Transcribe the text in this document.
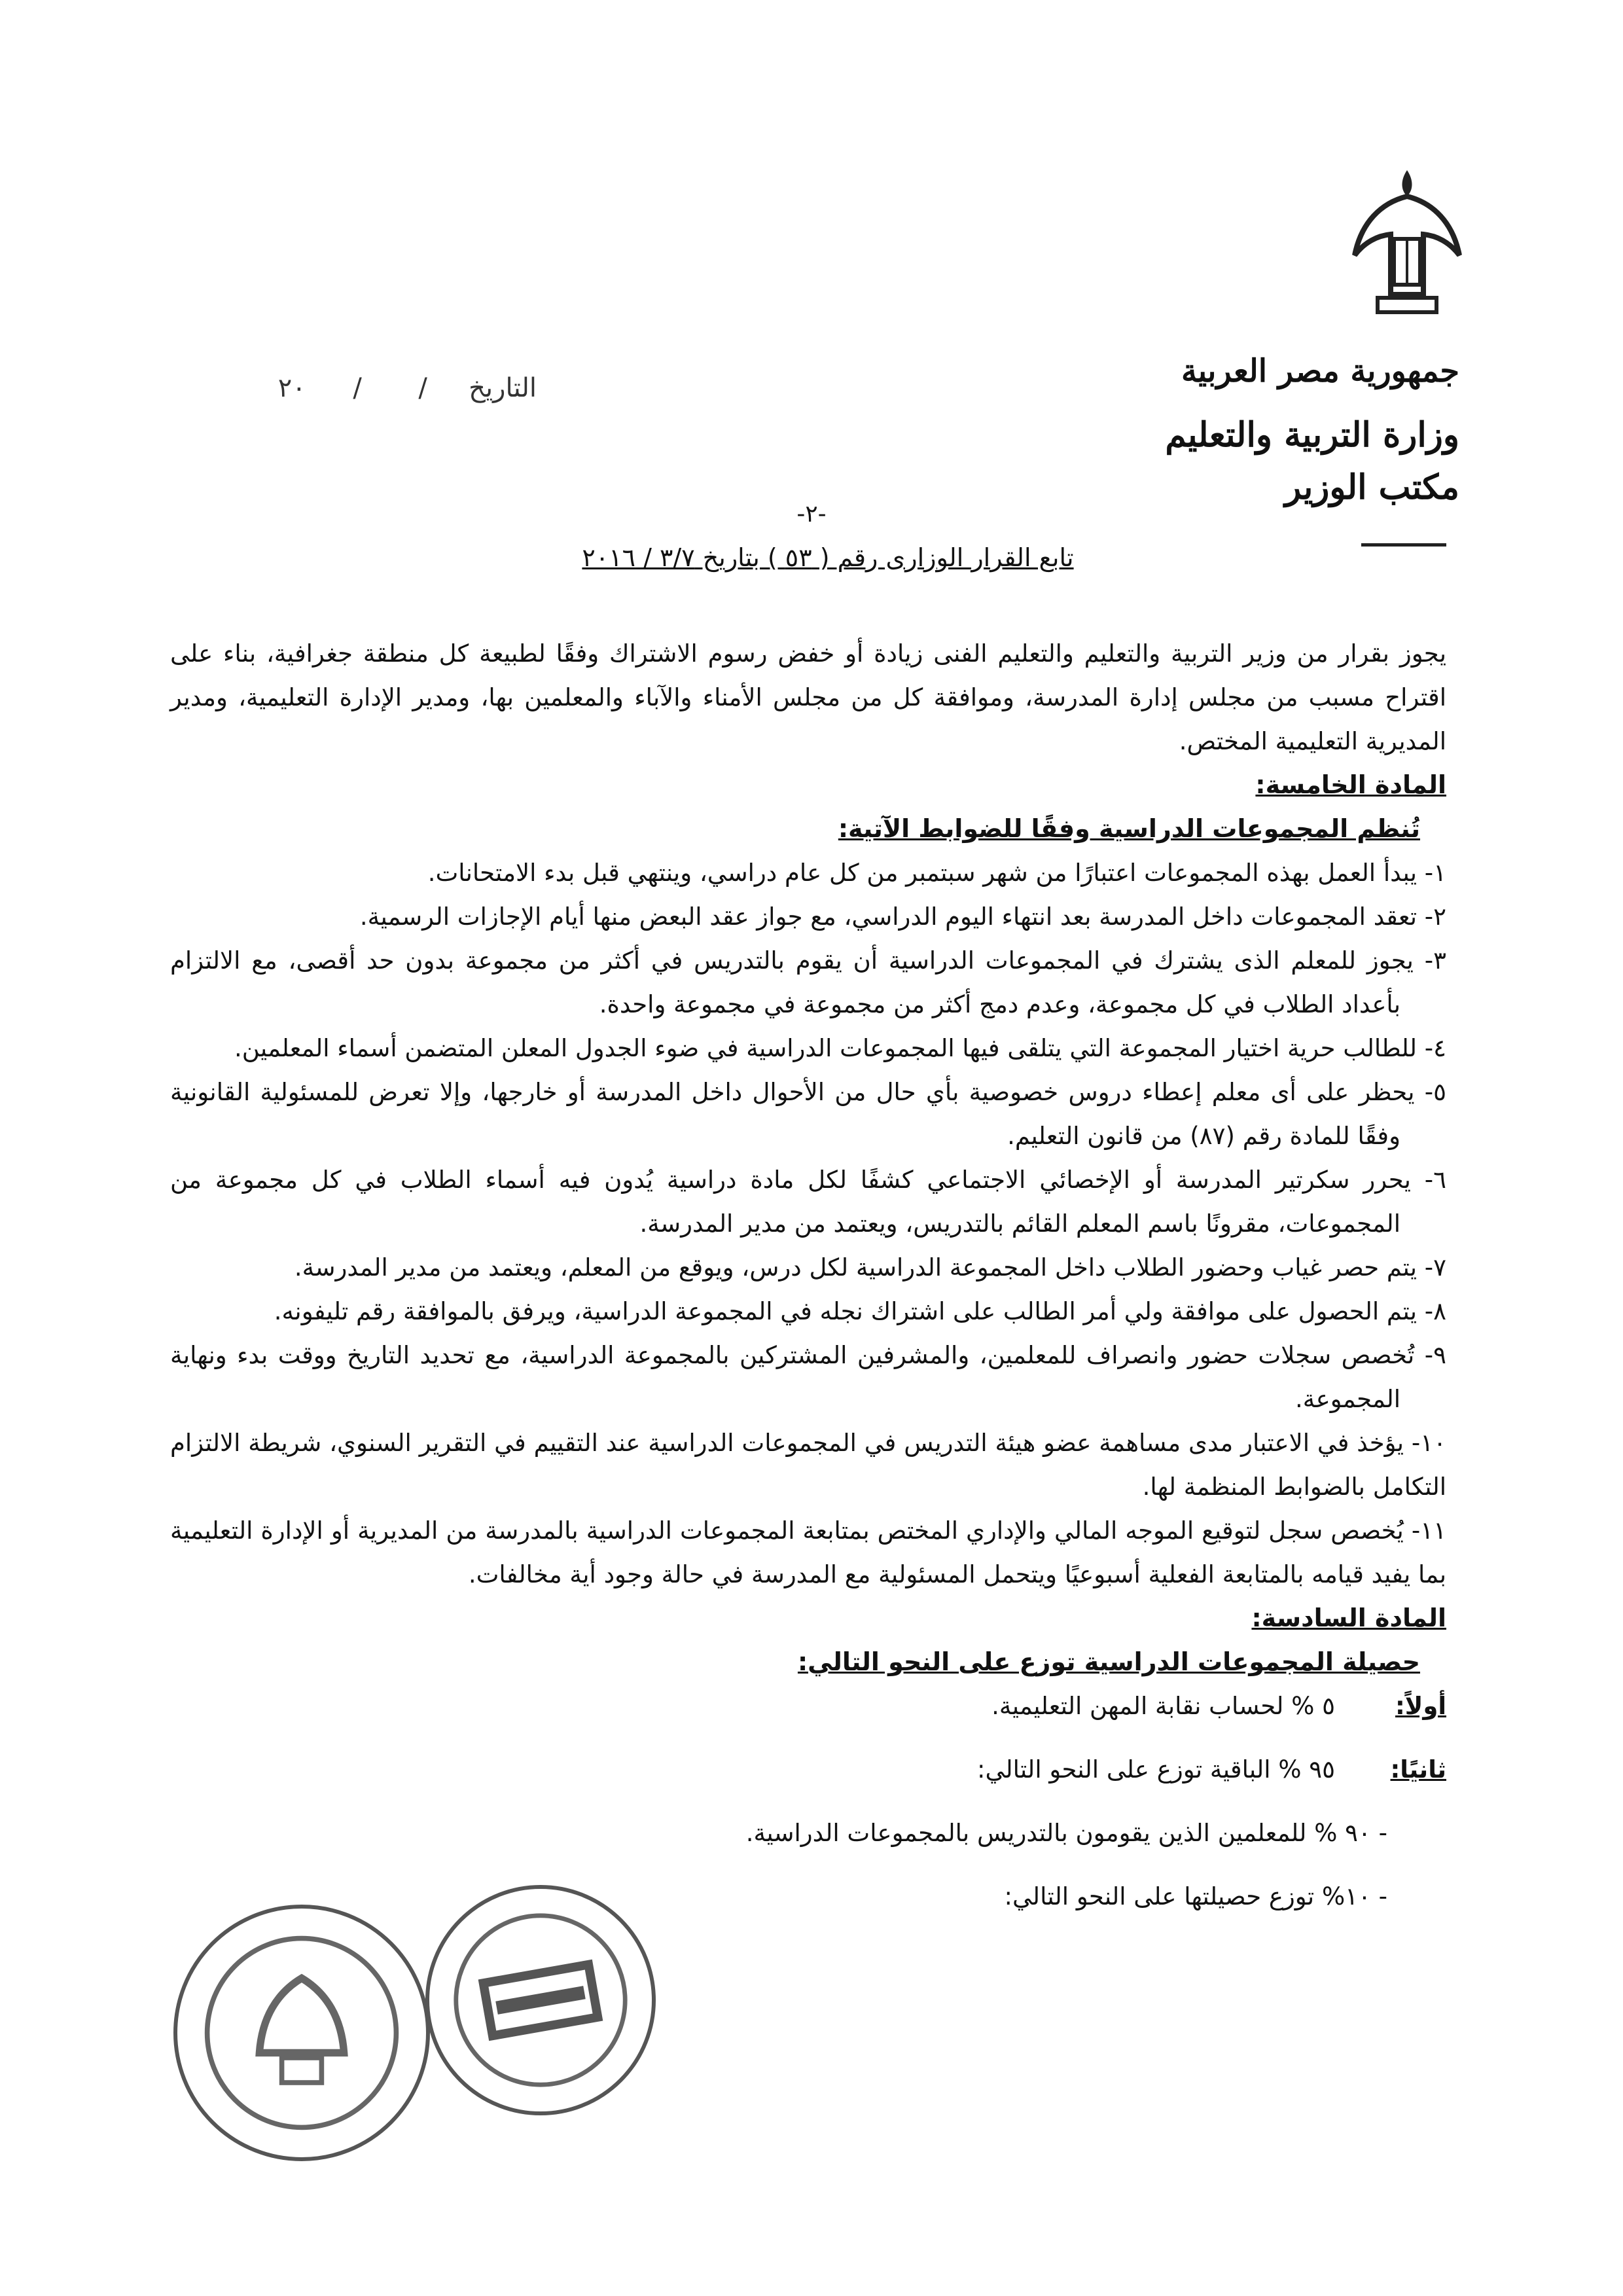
جمهورية مصر العربية

وزارة التربية والتعليم

مكتب الوزير

التاريخ
/
/
٢٠
-٢-
تابع القرار الوزارى رقم ( ٥٣ ) بتاريخ ٣/٧ / ٢٠١٦

يجوز بقرار من وزير التربية والتعليم والتعليم الفنى زيادة أو خفض رسوم الاشتراك وفقًا لطبيعة كل منطقة جغرافية، بناء على اقتراح مسبب من مجلس إدارة المدرسة، وموافقة كل من مجلس الأمناء والآباء والمعلمين بها، ومدير الإدارة التعليمية، ومدير المديرية التعليمية المختص.

المادة الخامسة:

تُنظم المجموعات الدراسية وفقًا للضوابط الآتية:

١- يبدأ العمل بهذه المجموعات اعتبارًا من شهر سبتمبر من كل عام دراسي، وينتهي قبل بدء الامتحانات.

٢- تعقد المجموعات داخل المدرسة بعد انتهاء اليوم الدراسي، مع جواز عقد البعض منها أيام الإجازات الرسمية.

٣- يجوز للمعلم الذى يشترك في المجموعات الدراسية أن يقوم بالتدريس في أكثر من مجموعة بدون حد أقصى، مع الالتزام بأعداد الطلاب في كل مجموعة، وعدم دمج أكثر من مجموعة في مجموعة واحدة.

٤- للطالب حرية اختيار المجموعة التي يتلقى فيها المجموعات الدراسية في ضوء الجدول المعلن المتضمن أسماء المعلمين.

٥- يحظر على أى معلم إعطاء دروس خصوصية بأي حال من الأحوال داخل المدرسة أو خارجها، وإلا تعرض للمسئولية القانونية وفقًا للمادة رقم (٨٧) من قانون التعليم.

٦- يحرر سكرتير المدرسة أو الإخصائي الاجتماعي كشفًا لكل مادة دراسية يُدون فيه أسماء الطلاب في كل مجموعة من المجموعات، مقرونًا باسم المعلم القائم بالتدريس، ويعتمد من مدير المدرسة.

٧- يتم حصر غياب وحضور الطلاب داخل المجموعة الدراسية لكل درس، ويوقع من المعلم، ويعتمد من مدير المدرسة.

٨- يتم الحصول على موافقة ولي أمر الطالب على اشتراك نجله في المجموعة الدراسية، ويرفق بالموافقة رقم تليفونه.

٩- تُخصص سجلات حضور وانصراف للمعلمين، والمشرفين المشتركين بالمجموعة الدراسية، مع تحديد التاريخ ووقت بدء ونهاية المجموعة.

١٠- يؤخذ في الاعتبار مدى مساهمة عضو هيئة التدريس في المجموعات الدراسية عند التقييم في التقرير السنوي، شريطة الالتزام التكامل بالضوابط المنظمة لها.

١١- يُخصص سجل لتوقيع الموجه المالي والإداري المختص بمتابعة المجموعات الدراسية بالمدرسة من المديرية أو الإدارة التعليمية بما يفيد قيامه بالمتابعة الفعلية أسبوعيًا ويتحمل المسئولية مع المدرسة في حالة وجود أية مخالفات.

المادة السادسة:

حصيلة المجموعات الدراسية توزع على النحو التالي:

أولاً:
٥ % لحساب نقابة المهن التعليمية.
ثانيًا:
٩٥ % الباقية توزع على النحو التالي:

- ٩٠ % للمعلمين الذين يقومون بالتدريس بالمجموعات الدراسية.

- ١٠% توزع حصيلتها على النحو التالي:
